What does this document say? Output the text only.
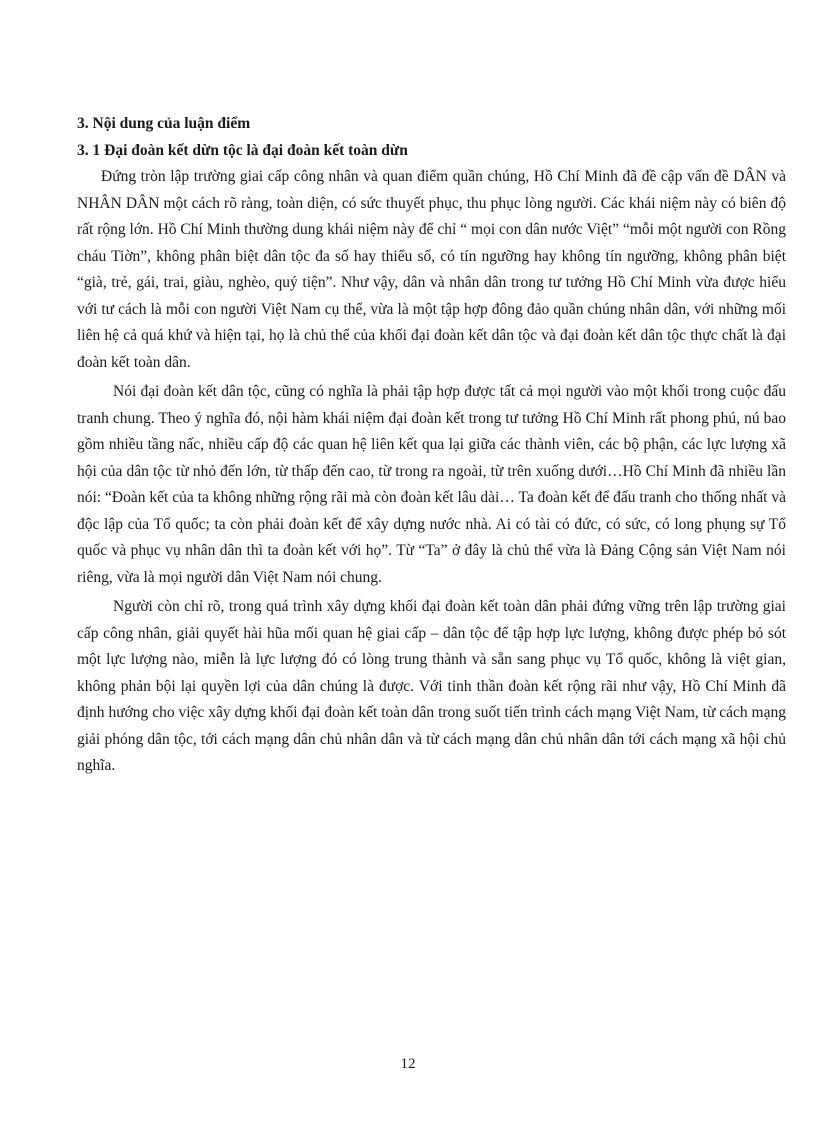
3. Nội dung của luận điểm

3. 1 Đại đoàn kết dừn tộc là đại đoàn kết toàn dừn

Đứng tròn lập trường giai cấp công nhân và quan điểm quần chúng, Hồ Chí Minh đã đề cập vấn đề DÂN và NHÂN DÂN một cách rõ ràng, toàn diện, có sức thuyết phục, thu phục lòng người. Các khái niệm này có biên độ rất rộng lớn. Hồ Chí Minh thường dung khái niệm này để chỉ “ mọi con dân nước Việt” “mỗi một người con Rồng cháu Tiờn”, không phân biệt dân tộc đa số hay thiểu số, có tín ngưỡng hay không tín ngưỡng, không phân biệt “già, trẻ, gái, trai, giàu, nghèo, quý tiện”. Như vậy, dân và nhân dân trong tư tưởng Hồ Chí Minh vừa được hiểu với tư cách là mỗi con người Việt Nam cụ thể, vừa là một tập hợp đông đảo quần chúng nhân dân, với những mối liên hệ cả quá khứ và hiện tại, họ là chủ thể của khối đại đoàn kết dân tộc và đại đoàn kết dân tộc thực chất là đại đoàn kết toàn dân.

Nói đại đoàn kết dân tộc, cũng có nghĩa là phải tập hợp được tất cả mọi người vào một khối trong cuộc đấu tranh chung. Theo ý nghĩa đó, nội hàm khái niệm đại đoàn kết trong tư tưởng Hồ Chí Minh rất phong phú, nú bao gồm nhiều tầng nấc, nhiều cấp độ các quan hệ liên kết qua lại giữa các thành viên, các bộ phận, các lực lượng xã hội của dân tộc từ nhỏ đến lớn, từ thấp đến cao, từ trong ra ngoài, từ trên xuống dưới…Hồ Chí Minh đã nhiều lần nói: “Đoàn kết của ta không những rộng rãi mà còn đoàn kết lâu dài… Ta đoàn kết để đấu tranh cho thống nhất và độc lập của Tổ quốc; ta còn phải đoàn kết để xây dựng nước nhà. Ai có tài có đức, có sức, có long phụng sự Tổ quốc và phục vụ nhân dân thì ta đoàn kết với họ”. Từ “Ta” ở đây là chủ thể vừa là Đảng Cộng sản Việt Nam nói riêng, vừa là mọi người dân Việt Nam nói chung.

Người còn chỉ rõ, trong quá trình xây dựng khối đại đoàn kết toàn dân phải đứng vững trên lập trường giai cấp công nhân, giải quyết hài hũa mối quan hệ giai cấp – dân tộc để tập hợp lực lượng, không được phép bỏ sót một lực lượng nào, miễn là lực lượng đó có lòng trung thành và sẵn sang phục vụ Tổ quốc, không là việt gian, không phản bội lại quyền lợi của dân chúng là được. Với tinh thần đoàn kết rộng rãi như vậy, Hồ Chí Minh đã định hướng cho việc xây dựng khối đại đoàn kết toàn dân trong suốt tiến trình cách mạng Việt Nam, từ cách mạng giải phóng dân tộc, tới cách mạng dân chủ nhân dân và từ cách mạng dân chủ nhân dân tới cách mạng xã hội chủ nghĩa.

12
